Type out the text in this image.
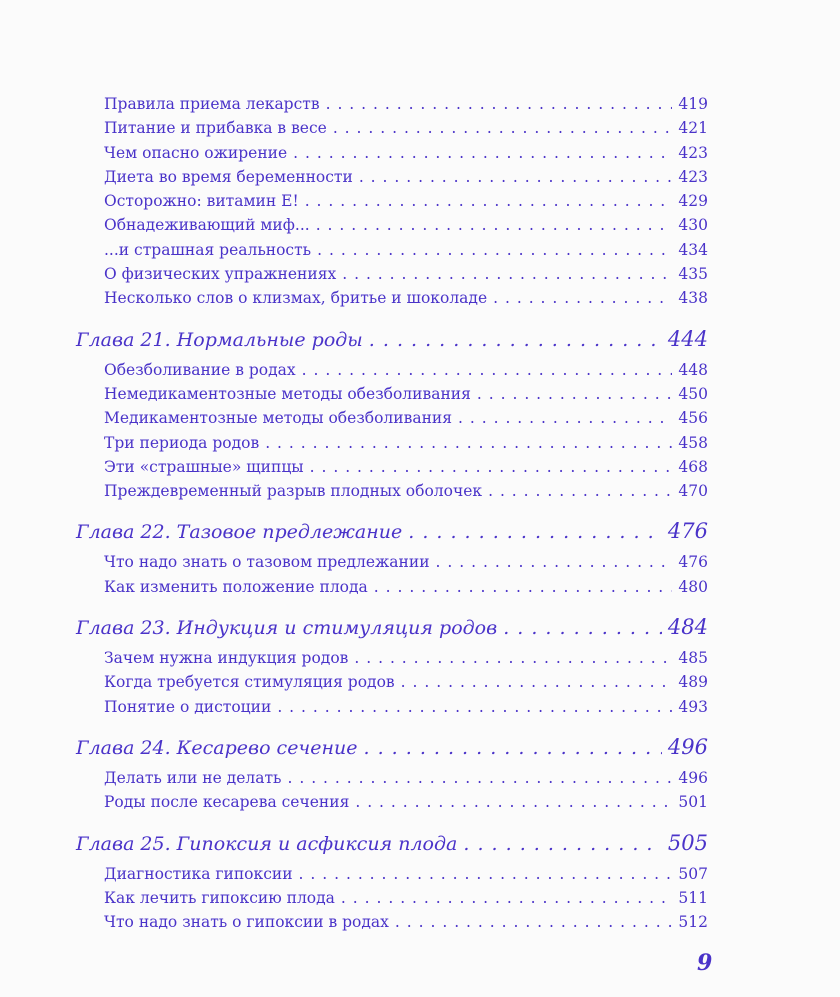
Правила приема лекарств . . .	419
Питание и прибавка в весе . . .	421
Чем опасно ожирение . . .	423
Диета во время беременности . . .	423
Осторожно: витамин Е! . . .	429
Обнадеживающий миф... . . .	430
...и страшная реальность . . .	434
О физических упражнениях . . .	435
Несколько слов о клизмах, бритье и шоколаде . . .	438
Глава 21. Нормальные роды . . .	444
Обезболивание в родах . . .	448
Немедикаментозные методы обезболивания . . .	450
Медикаментозные методы обезболивания . . .	456
Три периода родов . . .	458
Эти «страшные» щипцы . . .	468
Преждевременный разрыв плодных оболочек . . .	470
Глава 22. Тазовое предлежание . . .	476
Что надо знать о тазовом предлежании . . .	476
Как изменить положение плода . . .	480
Глава 23. Индукция и стимуляция родов . . .	484
Зачем нужна индукция родов . . .	485
Когда требуется стимуляция родов . . .	489
Понятие о дистоции . . .	493
Глава 24. Кесарево сечение . . .	496
Делать или не делать . . .	496
Роды после кесарева сечения . . .	501
Глава 25. Гипоксия и асфиксия плода . . .	505
Диагностика гипоксии . . .	507
Как лечить гипоксию плода . . .	511
Что надо знать о гипоксии в родах . . .	512
9
